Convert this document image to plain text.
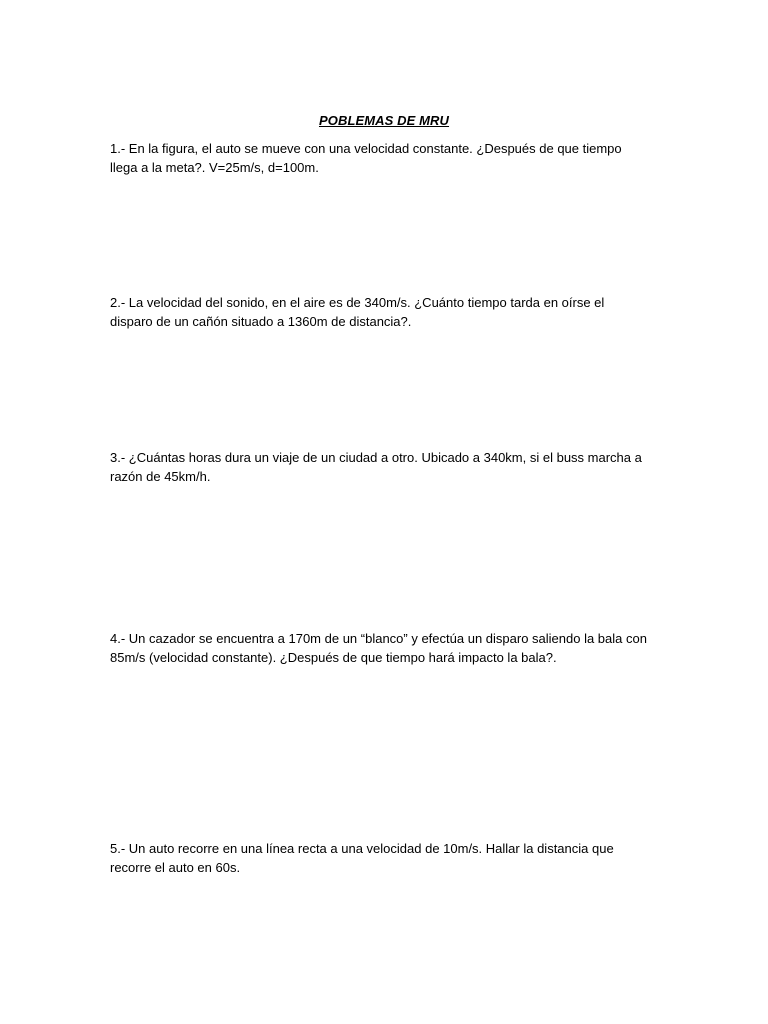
POBLEMAS DE MRU

1.- En la figura, el auto se mueve con una velocidad constante. ¿Después de que tiempo llega a la meta?. V=25m/s, d=100m.

2.- La velocidad del sonido, en el aire es de 340m/s. ¿Cuánto tiempo tarda en oírse el disparo de un cañón situado a 1360m de distancia?.

3.- ¿Cuántas horas dura un viaje de un ciudad a otro. Ubicado a 340km, si el buss marcha a razón de 45km/h.

4.- Un cazador se encuentra a 170m de un “blanco” y efectúa un disparo saliendo la bala con 85m/s (velocidad constante). ¿Después de que tiempo hará impacto la bala?.

5.- Un auto recorre en una línea recta a una velocidad de 10m/s. Hallar la distancia que recorre el auto en 60s.
